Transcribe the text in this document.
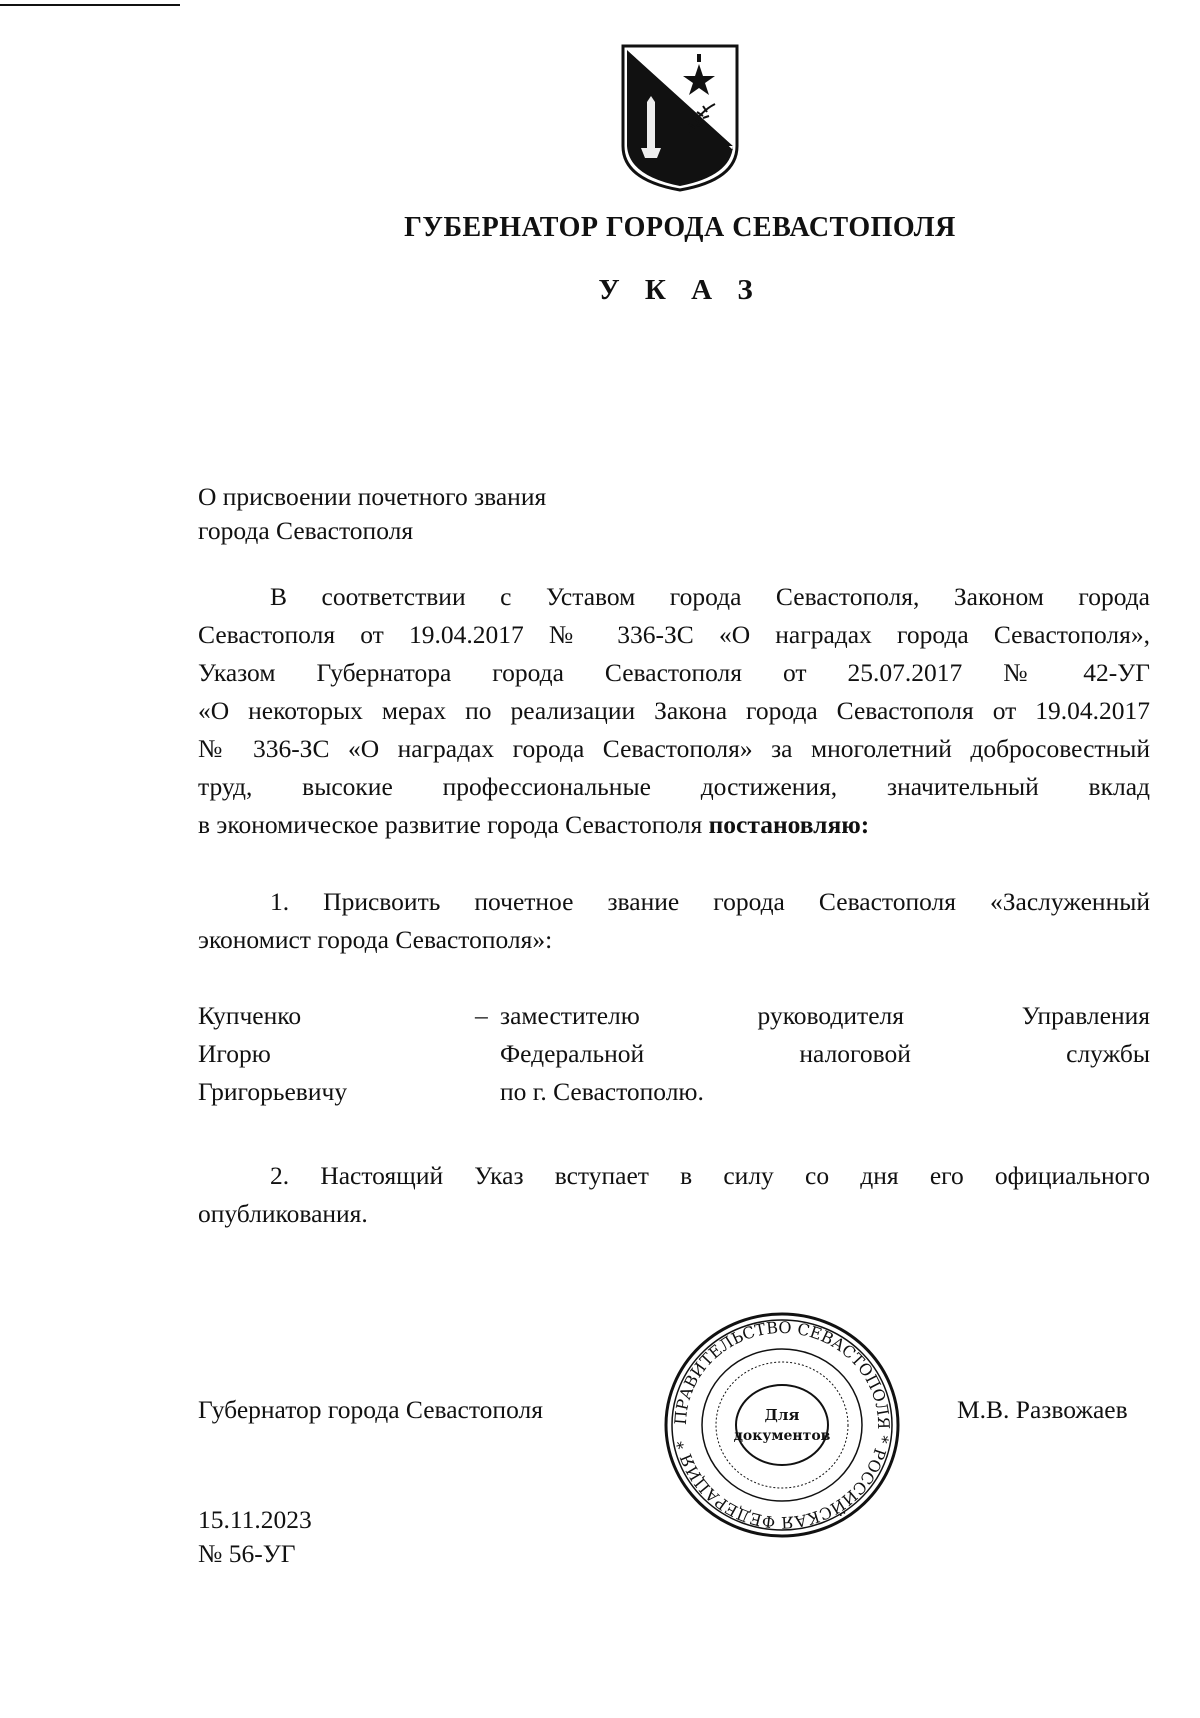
ГУБЕРНАТОР ГОРОДА СЕВАСТОПОЛЯ
У К А З
О присвоении почетного звания
города Севастополя
В соответствии с Уставом города Севастополя, Законом города
Севастополя от 19.04.2017 № 336-ЗС «О наградах города Севастополя»,
Указом Губернатора города Севастополя от 25.07.2017 № 42-УГ
«О некоторых мерах по реализации Закона города Севастополя от 19.04.2017
№ 336-ЗС «О наградах города Севастополя» за многолетний добросовестный
труд, высокие профессиональные достижения, значительный вклад
в экономическое развитие города Севастополя постановляю:
1. Присвоить почетное звание города Севастополя «Заслуженный
экономист города Севастополя»:
Купченко
Игорю
Григорьевичу
– заместителю руководителя Управления
Федеральной налоговой службы
по г. Севастополю.
2. Настоящий Указ вступает в силу со дня его официального
опубликования.
Губернатор города Севастополя	ПРАВИТЕЛЬСТВО СЕВАСТОПОЛЯ * РОССИЙСКАЯ ФЕДЕРАЦИЯ *
Для
документов
М.В. Развожаев
15.11.2023
№ 56-УГ
